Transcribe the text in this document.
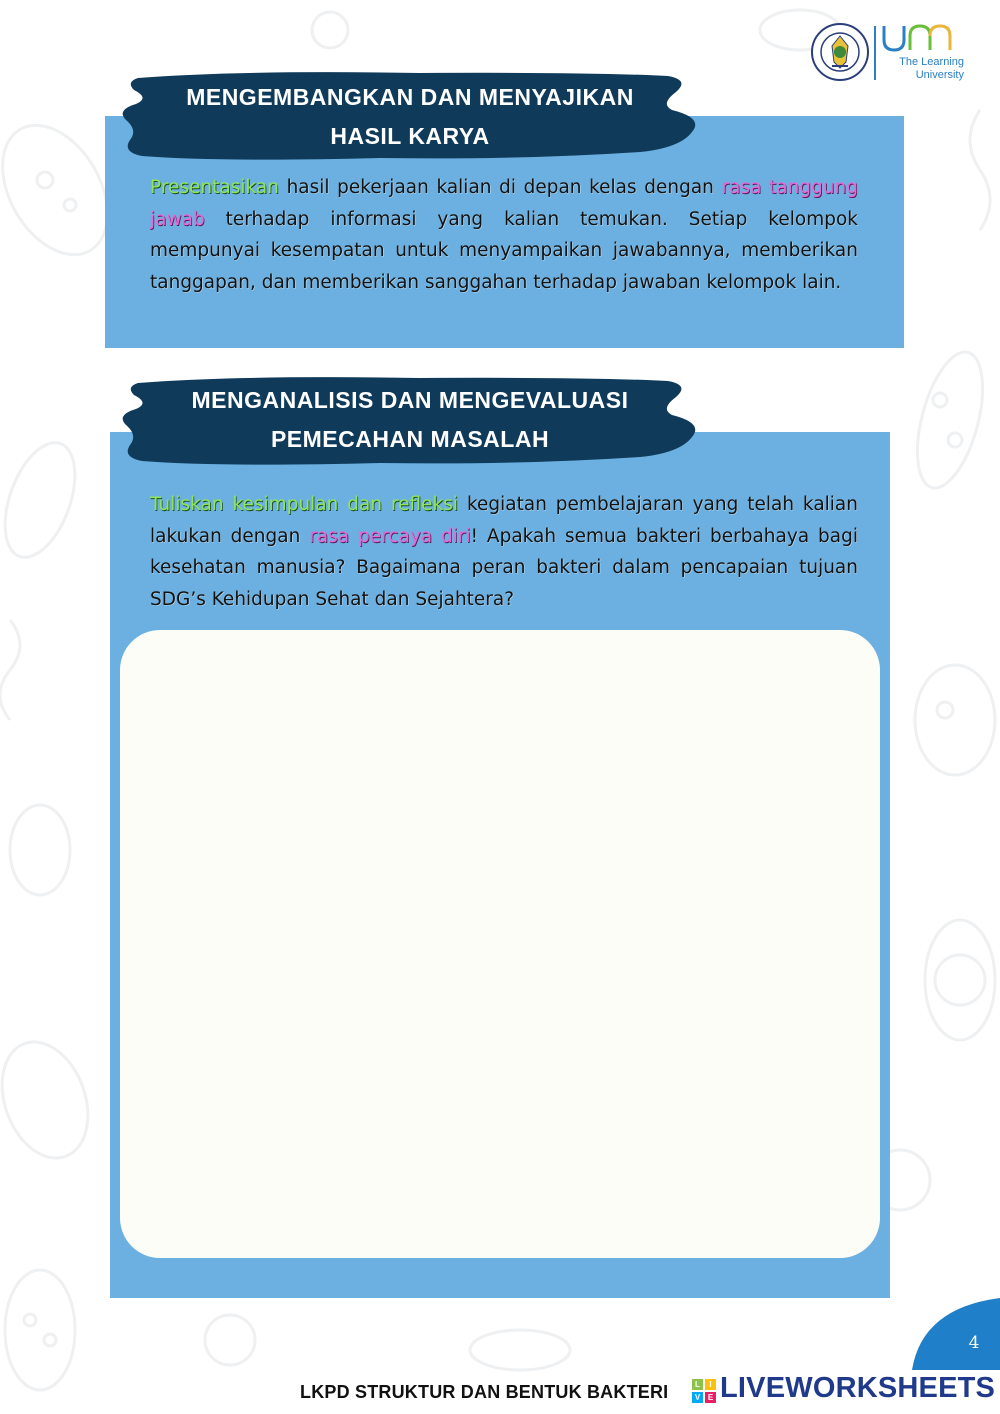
The Learning
University
MENGEMBANGKAN DAN MENYAJIKAN
HASIL KARYA
Presentasikan hasil pekerjaan kalian di depan kelas dengan rasa tanggung jawab terhadap informasi yang kalian temukan. Setiap kelompok mempunyai kesempatan untuk menyampaikan jawabannya, memberikan tanggapan, dan memberikan sanggahan terhadap jawaban kelompok lain.
MENGANALISIS DAN MENGEVALUASI
PEMECAHAN MASALAH
Tuliskan kesimpulan dan refleksi kegiatan pembelajaran yang telah kalian lakukan dengan rasa percaya diri! Apakah semua bakteri berbahaya bagi kesehatan manusia? Bagaimana peran bakteri dalam pencapaian tujuan SDG’s Kehidupan Sehat dan Sejahtera?
4
LKPD STRUKTUR DAN BENTUK BAKTERI	L	I
V E LIVEWORKSHEETS
